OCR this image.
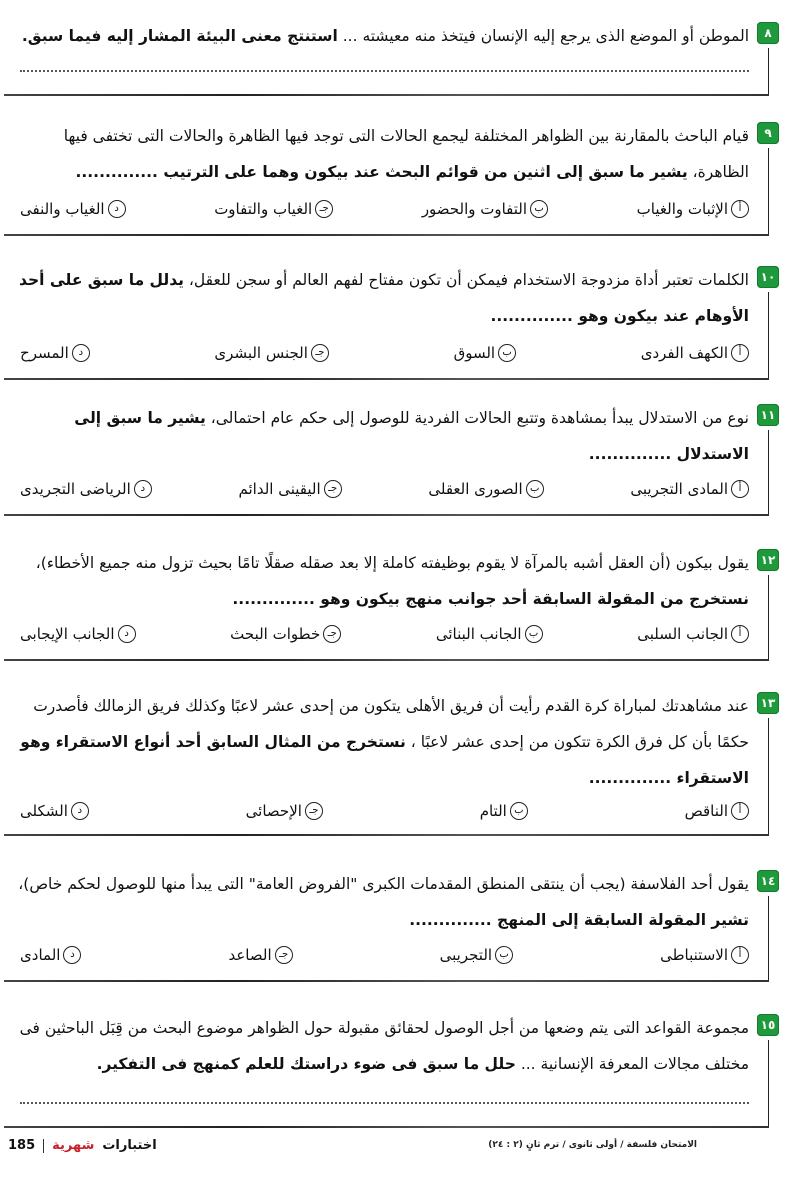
٨
الموطن أو الموضع الذى يرجع إليه الإنسان فيتخذ منه معيشته ... استنتج معنى البيئة المشار إليه فيما سبق.
٩
قيام الباحث بالمقارنة بين الظواهر المختلفة ليجمع الحالات التى توجد فيها الظاهرة والحالات التى تختفى فيها الظاهرة، يشير ما سبق إلى اثنين من قوائم البحث عند بيكون وهما على الترتيب ..............
أ
الإثبات والغياب
ب
التفاوت والحضور
جـ
الغياب والتفاوت
د
الغياب والنفى
١٠
الكلمات تعتبر أداة مزدوجة الاستخدام فيمكن أن تكون مفتاح لفهم العالم أو سجن للعقل، يدلل ما سبق على أحد الأوهام عند بيكون وهو ..............
أ
الكهف الفردى
ب
السوق
جـ
الجنس البشرى
د
المسرح
١١
نوع من الاستدلال يبدأ بمشاهدة وتتبع الحالات الفردية للوصول إلى حكم عام احتمالى، يشير ما سبق إلى الاستدلال ..............
أ
المادى التجريبى
ب
الصورى العقلى
جـ
اليقينى الدائم
د
الرياضى التجريدى
١٢
يقول بيكون (أن العقل أشبه بالمرآة لا يقوم بوظيفته كاملة إلا بعد صقله صقلًا تامًا بحيث تزول منه جميع الأخطاء)، نستخرج من المقولة السابقة أحد جوانب منهج بيكون وهو ..............
أ
الجانب السلبى
ب
الجانب البنائى
جـ
خطوات البحث
د
الجانب الإيجابى
١٣
عند مشاهدتك لمباراة كرة القدم رأيت أن فريق الأهلى يتكون من إحدى عشر لاعبًا وكذلك فريق الزمالك فأصدرت حكمًا بأن كل فرق الكرة تتكون من إحدى عشر لاعبًا ، نستخرج من المثال السابق أحد أنواع الاستقراء وهو الاستقراء ..............
أ
الناقص
ب
التام
جـ
الإحصائى
د
الشكلى
١٤
يقول أحد الفلاسفة (يجب أن ينتقى المنطق المقدمات الكبرى "الفروض العامة" التى يبدأ منها للوصول لحكم خاص)، تشير المقولة السابقة إلى المنهج ..............
أ
الاستنباطى
ب
التجريبى
جـ
الصاعد
د
المادى
١٥
مجموعة القواعد التى يتم وضعها من أجل الوصول لحقائق مقبولة حول الظواهر موضوع البحث من قِبَل الباحثين فى مختلف مجالات المعرفة الإنسانية ... حلل ما سبق فى ضوء دراستك للعلم كمنهج فى التفكير.
185 شهرية اختبارات	الامتحان فلسفة / أولى ثانوى / ترم ثانٍ (٢ : ٢٤)
